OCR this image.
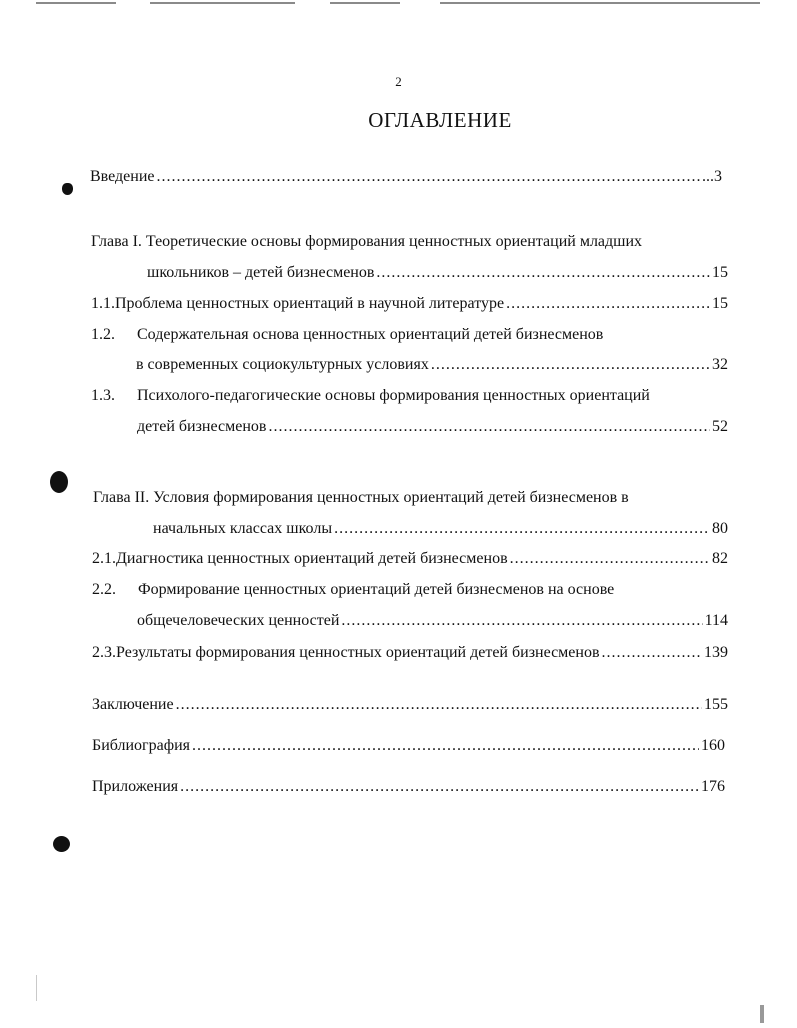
2
ОГЛАВЛЕНИЕ
Введение .....	...3
Глава I. Теоретические основы формирования ценностных ориентаций младших
школьников – детей бизнесменов .....	15
1.1. Проблема ценностных ориентаций в научной литературе .....	15
1.2.	Содержательная основа ценностных ориентаций детей бизнесменов
в современных социокультурных условиях .....	32
1.3.	Психолого-педагогические основы формирования ценностных ориентаций
детей бизнесменов .....	52
Глава II. Условия формирования ценностных ориентаций детей бизнесменов в
начальных классах школы .....	80
2.1. Диагностика ценностных ориентаций детей бизнесменов .....	82
2.2.	Формирование ценностных ориентаций детей бизнесменов на основе
общечеловеческих ценностей .....	114
2.3. Результаты формирования ценностных ориентаций детей бизнесменов .....	139
Заключение .....	155
Библиография .....	160
Приложения .....	176
